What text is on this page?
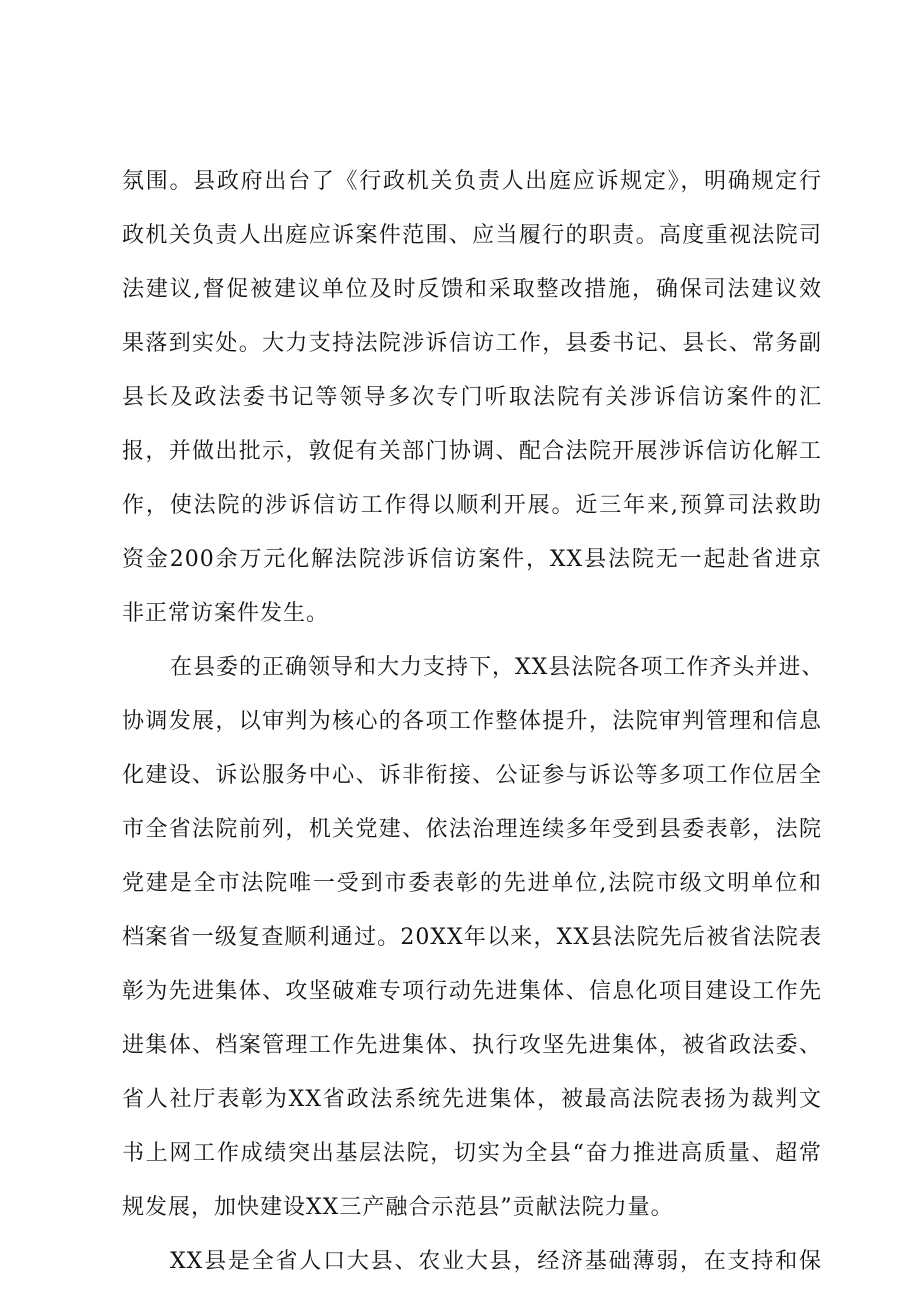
氛围。县政府出台了《行政机关负责人出庭应诉规定》，明确规定行
政机关负责人出庭应诉案件范围、应当履行的职责。高度重视法院司
法建议,督促被建议单位及时反馈和采取整改措施，确保司法建议效
果落到实处。大力支持法院涉诉信访工作，县委书记、县长、常务副
县长及政法委书记等领导多次专门听取法院有关涉诉信访案件的汇
报，并做出批示，敦促有关部门协调、配合法院开展涉诉信访化解工
作，使法院的涉诉信访工作得以顺利开展。近三年来,预算司法救助
资金200余万元化解法院涉诉信访案件，XX县法院无一起赴省进京
非正常访案件发生。
在县委的正确领导和大力支持下，XX县法院各项工作齐头并进、
协调发展，以审判为核心的各项工作整体提升，法院审判管理和信息
化建设、诉讼服务中心、诉非衔接、公证参与诉讼等多项工作位居全
市全省法院前列，机关党建、依法治理连续多年受到县委表彰，法院
党建是全市法院唯一受到市委表彰的先进单位,法院市级文明单位和
档案省一级复查顺利通过。20XX年以来，XX县法院先后被省法院表
彰为先进集体、攻坚破难专项行动先进集体、信息化项目建设工作先
进集体、档案管理工作先进集体、执行攻坚先进集体，被省政法委、
省人社厅表彰为XX省政法系统先进集体，被最高法院表扬为裁判文
书上网工作成绩突出基层法院，切实为全县“奋力推进高质量、超常
规发展，加快建设XX三产融合示范县”贡献法院力量。
XX县是全省人口大县、农业大县，经济基础薄弱，在支持和保
